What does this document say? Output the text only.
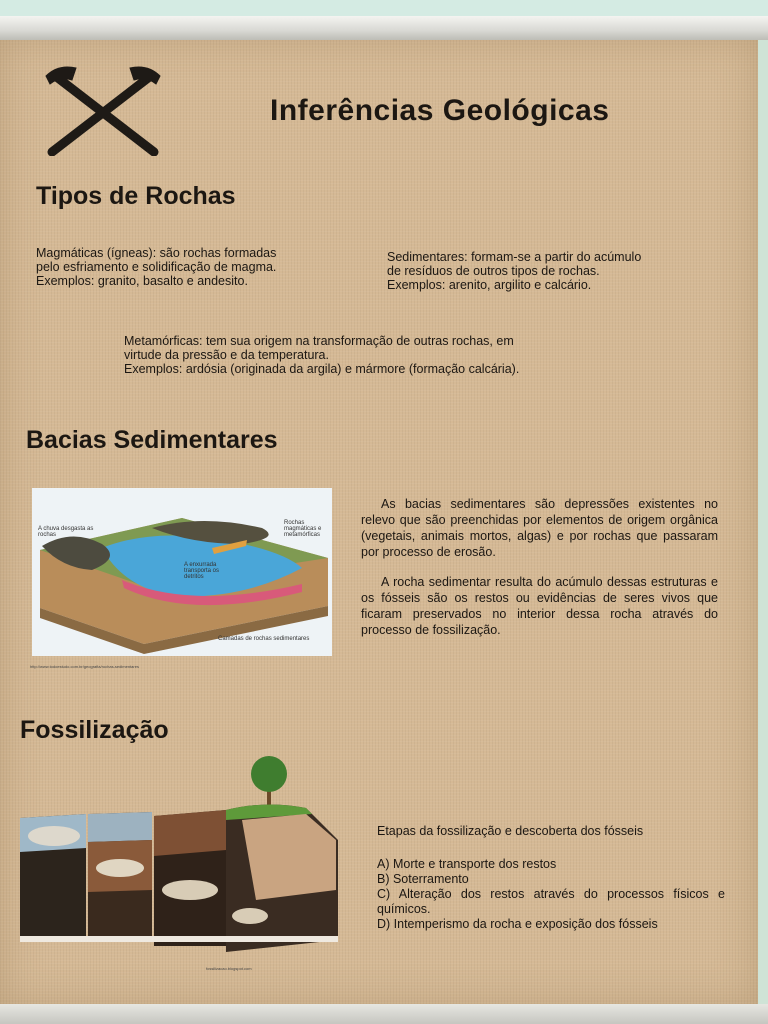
Inferências Geológicas
Tipos de Rochas
Magmáticas (ígneas): são rochas formadas
pelo esfriamento e solidificação de magma.
Exemplos: granito, basalto e andesito.
Sedimentares: formam-se a partir do acúmulo
de resíduos de outros tipos de rochas.
Exemplos: arenito, argilito e calcário.
Metamórficas: tem sua origem na transformação de outras rochas, em
virtude da pressão e da temperatura.
Exemplos: ardósia (originada da argila) e mármore (formação calcária).
Bacias Sedimentares
A chuva desgasta as rochas
Rochas magmáticas e metamórficas
A enxurrada transporta os detritos
Camadas de rochas sedimentares
http://www.todoestudo.com.br/geografia/rochas-sedimentares

As bacias sedimentares são depressões existentes no relevo que são preenchidas por elementos de origem orgânica (vegetais, animais mortos, algas) e por rochas que passaram por processo de erosão.

A rocha sedimentar resulta do acúmulo dessas estruturas e os fósseis são os restos ou evidências de seres vivos que ficaram preservados no interior dessa rocha através do processo de fossilização.

Fossilização
fossilizacao.blogspot.com
Etapas da fossilização e descoberta dos fósseis
A) Morte e transporte dos restos
B) Soterramento
C) Alteração dos restos através do processos físicos e químicos.
D) Intemperismo da rocha e exposição dos fósseis
